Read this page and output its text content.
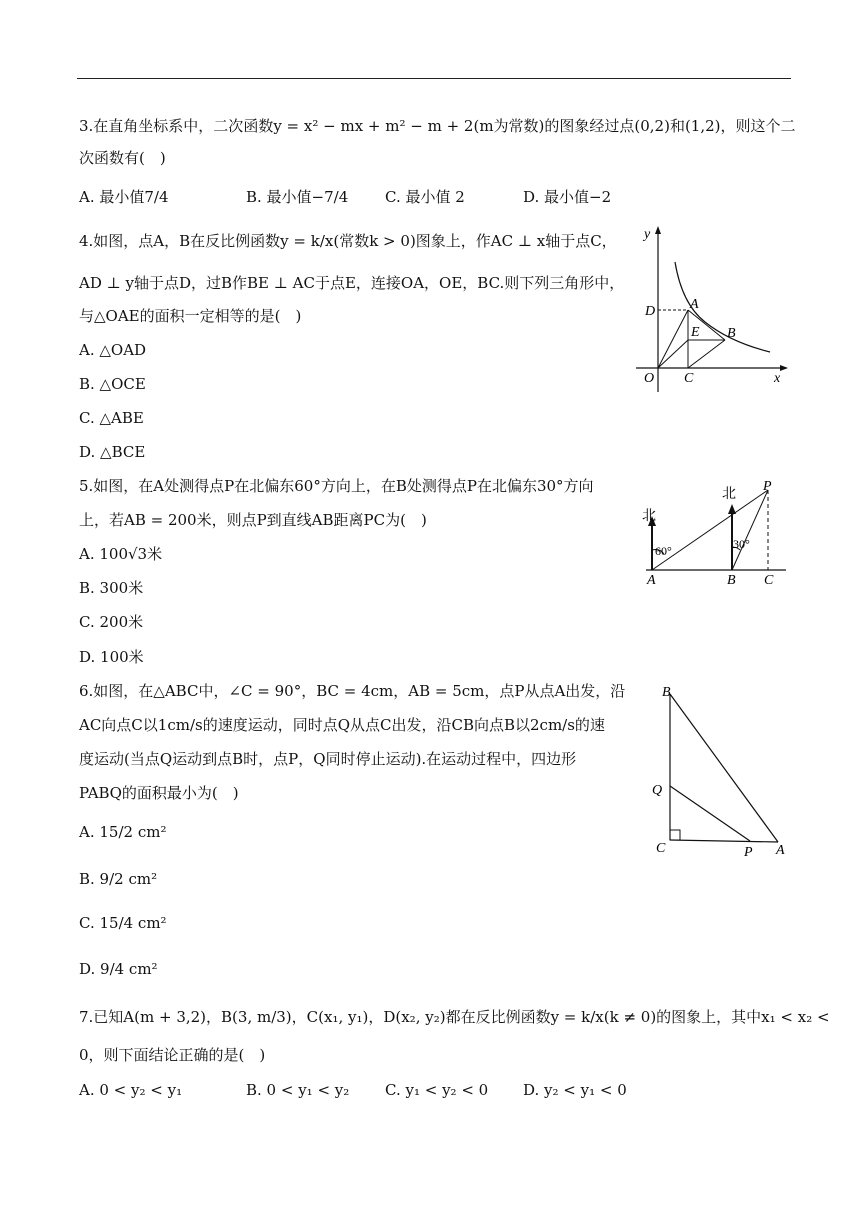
3.在直角坐标系中，二次函数y = x² − mx + m² − m + 2(m为常数)的图象经过点(0,2)和(1,2)，则这个二
次函数有(　)
A. 最小值7/4	B. 最小值−7/4 C. 最小值 2	D. 最小值−2
4.如图，点A，B在反比例函数y = k/x(常数k > 0)图象上，作AC ⊥ x轴于点C，
AD ⊥ y轴于点D，过B作BE ⊥ AC于点E，连接OA，OE，BC.则下列三角形中，
与△OAE的面积一定相等的是(　)
A. △OAD
B. △OCE
C. △ABE
D. △BCE
y
x
O
A
B
C
D
E
5.如图，在A处测得点P在北偏东60°方向上，在B处测得点P在北偏东30°方向
上，若AB = 200米，则点P到直线AB距离PC为(　)
A. 100√3米
B. 300米
C. 200米
D. 100米
北
北
60°	30°
A	B C
P
6.如图，在△ABC中，∠C = 90°，BC = 4cm，AB = 5cm，点P从点A出发，沿
AC向点C以1cm/s的速度运动，同时点Q从点C出发，沿CB向点B以2cm/s的速
度运动(当点Q运动到点B时，点P，Q同时停止运动).在运动过程中，四边形
PABQ的面积最小为(　)
A. 15/2 cm²
B. 9/2 cm²
C. 15/4 cm²
D. 9/4 cm²
B
Q
C	P A
7.已知A(m + 3,2)，B(3, m/3)，C(x₁, y₁)，D(x₂, y₂)都在反比例函数y = k/x(k ≠ 0)的图象上，其中x₁ < x₂ <
0，则下面结论正确的是(　)
A. 0 < y₂ < y₁	B. 0 < y₁ < y₂ C. y₁ < y₂ < 0 D. y₂ < y₁ < 0
